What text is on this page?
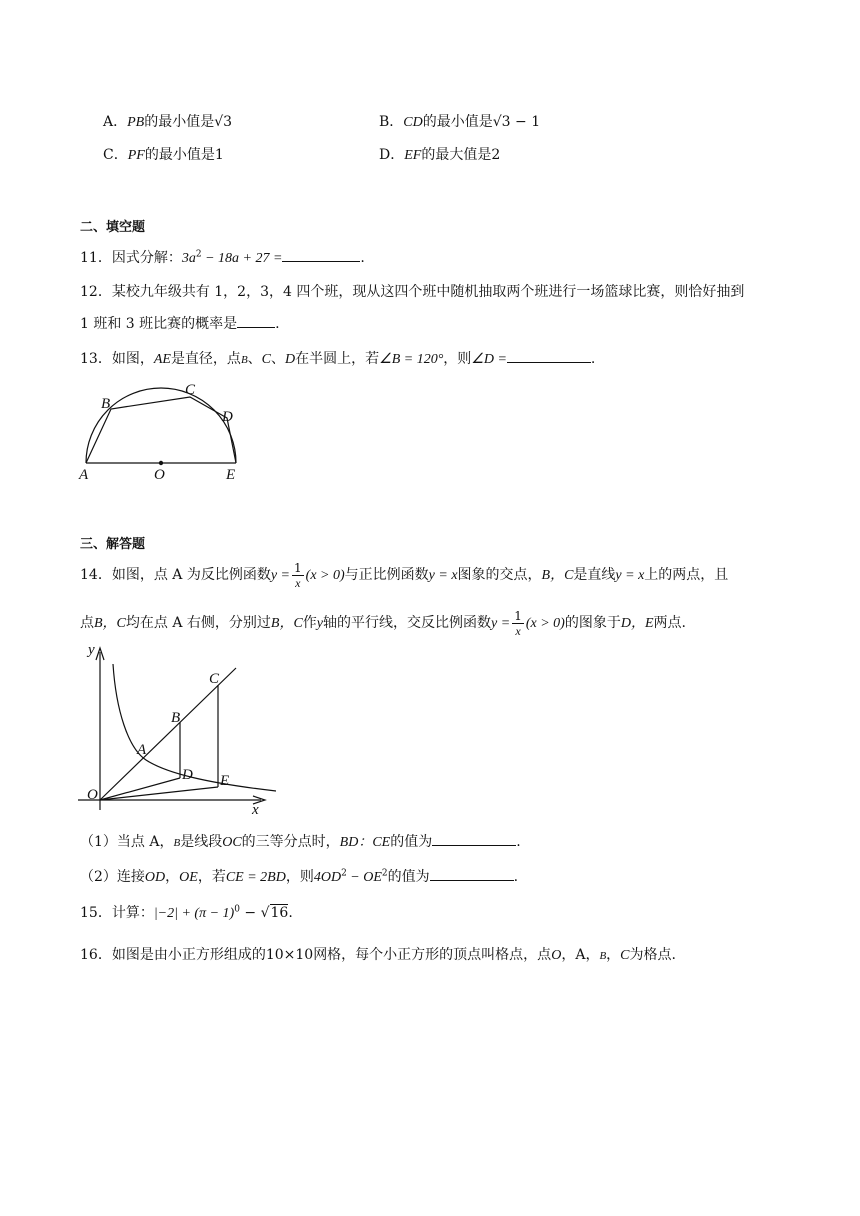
A．PB的最小值是√3	B．CD的最小值是√3 − 1
C．PF的最小值是1	D．EF的最大值是2
二、填空题
11．因式分解：$3a^2 - 18a + 27$ =	.
12．某校九年级共有 1，2，3，4 四个班，现从这四个班中随机抽取两个班进行一场篮球比赛，则恰好抽到
1 班和 3 班比赛的概率是	.
13．如图，AE是直径，点B、C、D在半圆上，若∠B = 120°，则∠D =	.
A
B
C
D
E
O
三、解答题
14．如图，点 A 为反比例函数$y = \frac{1}{x} (x > 0)$与正比例函数y = x图象的交点，B，C是直线y = x上的两点，且
点B，C均在点 A 右侧，分别过B，C作y轴的平行线，交反比例函数$y = \frac{1}{x} (x > 0)$的图象于D，E两点.
y
x
O
A
B
C
D E
（1）当点 A，B是线段OC的三等分点时，BD：CE的值为	.
（2）连接OD，OE，若CE = 2BD，则$4OD^2 - OE^2$的值为	.
15．计算：$|-2| + (\pi - 1)^0 - √16$.
16．如图是由小正方形组成的10×10网格，每个小正方形的顶点叫格点，点O，A，B，C为格点.
